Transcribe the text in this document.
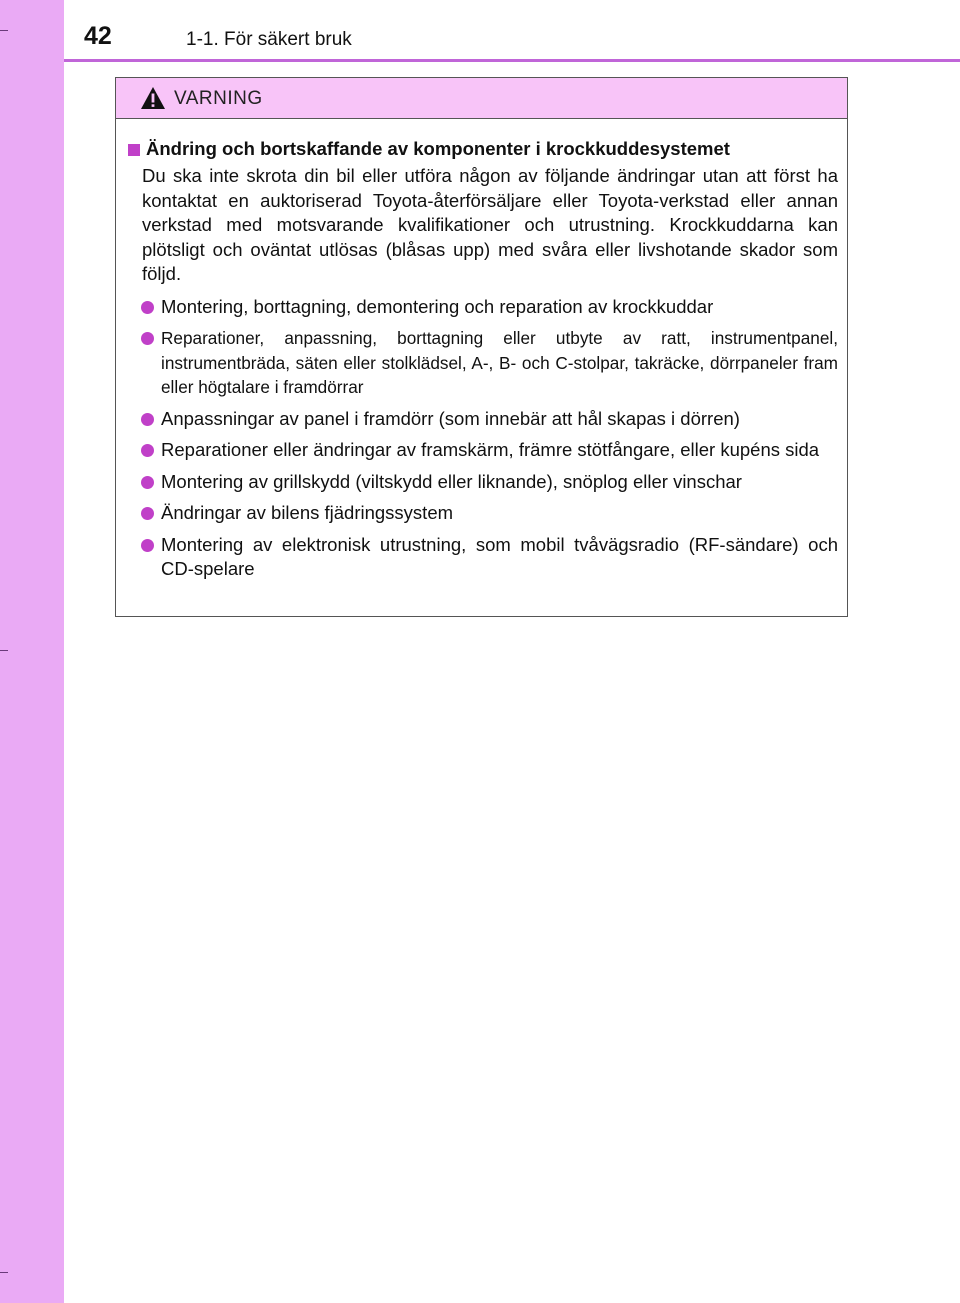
42	1-1. För säkert bruk
VARNING
Ändring och bortskaffande av komponenter i krockkuddesystemet

Du ska inte skrota din bil eller utföra någon av följande ändringar utan att först ha kontaktat en auktoriserad Toyota-återförsäljare eller Toyota-verkstad eller annan verkstad med motsvarande kvalifikationer och utrustning. Krockkuddarna kan plötsligt och oväntat utlösas (blåsas upp) med svåra eller livshotande skador som följd.

Montering, borttagning, demontering och reparation av krockkuddar
Reparationer, anpassning, borttagning eller utbyte av ratt, instrumentpanel, instrumentbräda, säten eller stolklädsel, A-, B- och C-stolpar, takräcke, dörrpaneler fram eller högtalare i framdörrar
Anpassningar av panel i framdörr (som innebär att hål skapas i dörren)
Reparationer eller ändringar av framskärm, främre stötfångare, eller kupéns sida
Montering av grillskydd (viltskydd eller liknande), snöplog eller vinschar
Ändringar av bilens fjädringssystem
Montering av elektronisk utrustning, som mobil tvåvägsradio (RF-sändare) och CD-spelare
